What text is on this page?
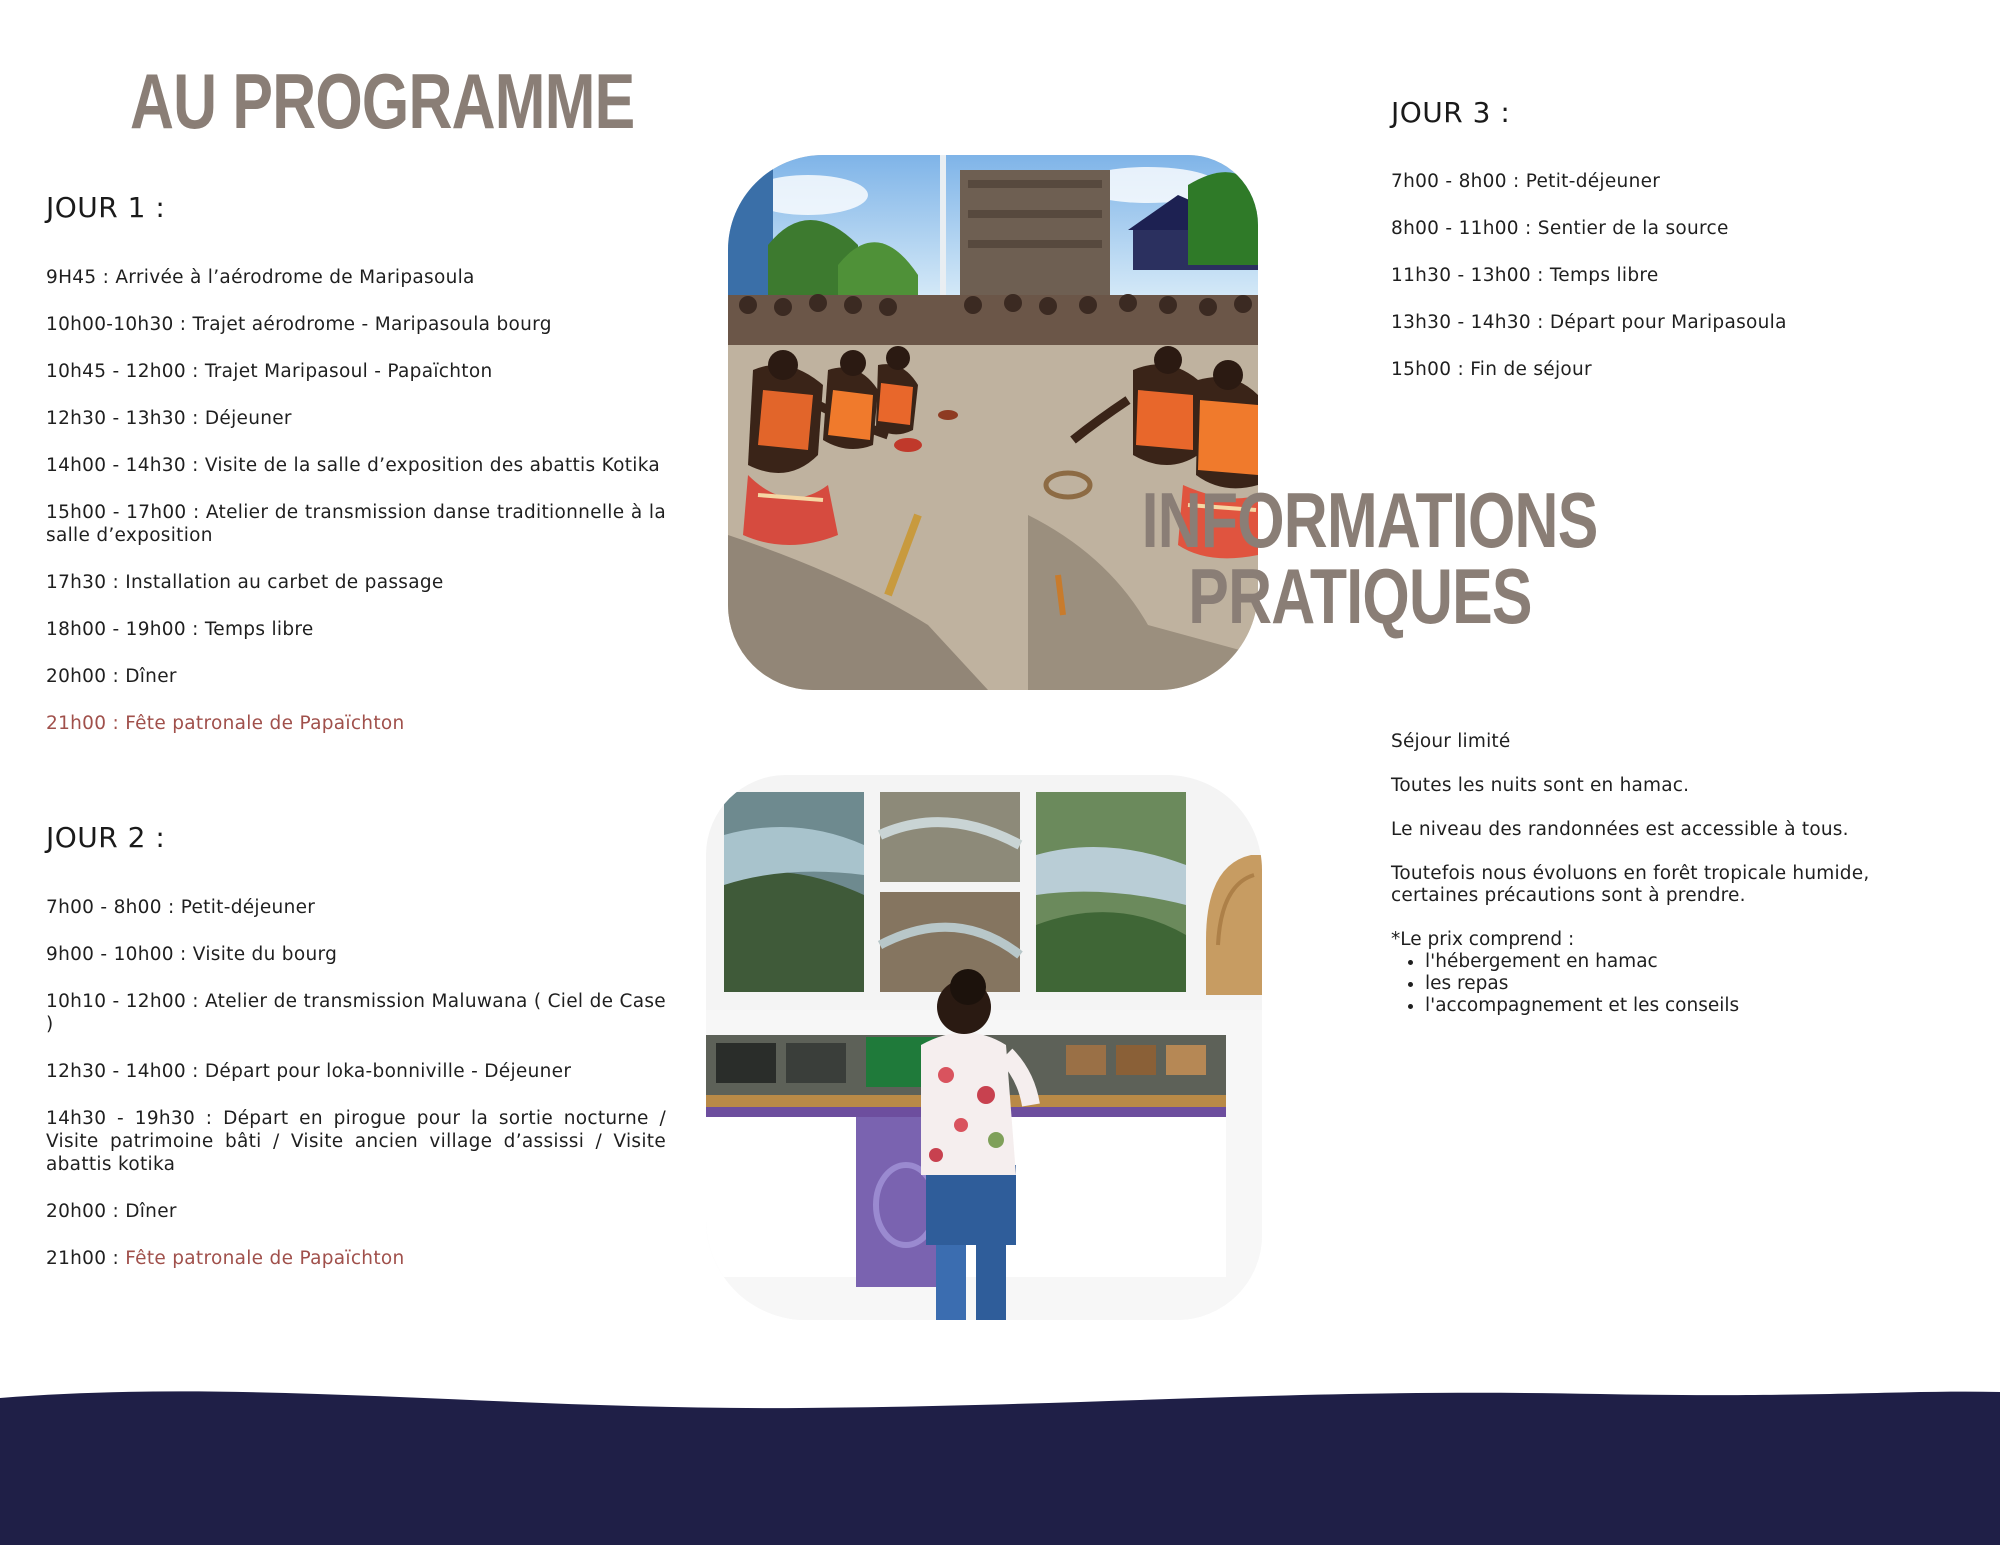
AU PROGRAMME
JOUR 1 :
9H45 : Arrivée à l’aérodrome de Maripasoula
10h00-10h30 : Trajet aérodrome - Maripasoula bourg
10h45 - 12h00 : Trajet Maripasoul - Papaïchton
12h30 - 13h30 : Déjeuner
14h00 - 14h30 : Visite de la salle d’exposition des abattis Kotika
15h00 - 17h00 : Atelier de transmission danse traditionnelle à la salle d’exposition
17h30 : Installation au carbet de passage
18h00 - 19h00 : Temps libre
20h00 : Dîner
21h00 : Fête patronale de Papaïchton
JOUR 2 :
7h00 - 8h00 : Petit-déjeuner
9h00 - 10h00 : Visite du bourg
10h10 - 12h00 : Atelier de transmission Maluwana ( Ciel de Case )
12h30 - 14h00 : Départ pour loka-bonniville - Déjeuner
14h30 - 19h30 : Départ en pirogue pour la sortie nocturne / Visite patrimoine bâti / Visite ancien village d’assissi / Visite abattis kotika
20h00 : Dîner
21h00 : Fête patronale de Papaïchton
JOUR 3 :
7h00 - 8h00 : Petit-déjeuner
8h00 - 11h00 : Sentier de la source
11h30 - 13h00 : Temps libre
13h30 - 14h30 : Départ pour Maripasoula
15h00 : Fin de séjour
INFORMATIONS
PRATIQUES

Séjour limité

Toutes les nuits sont en hamac.

Le niveau des randonnées est accessible à tous.

Toutefois nous évoluons en forêt tropicale humide, certaines précautions sont à prendre.

*Le prix comprend :
• l'hébergement en hamac
• les repas
• l'accompagnement et les conseils
